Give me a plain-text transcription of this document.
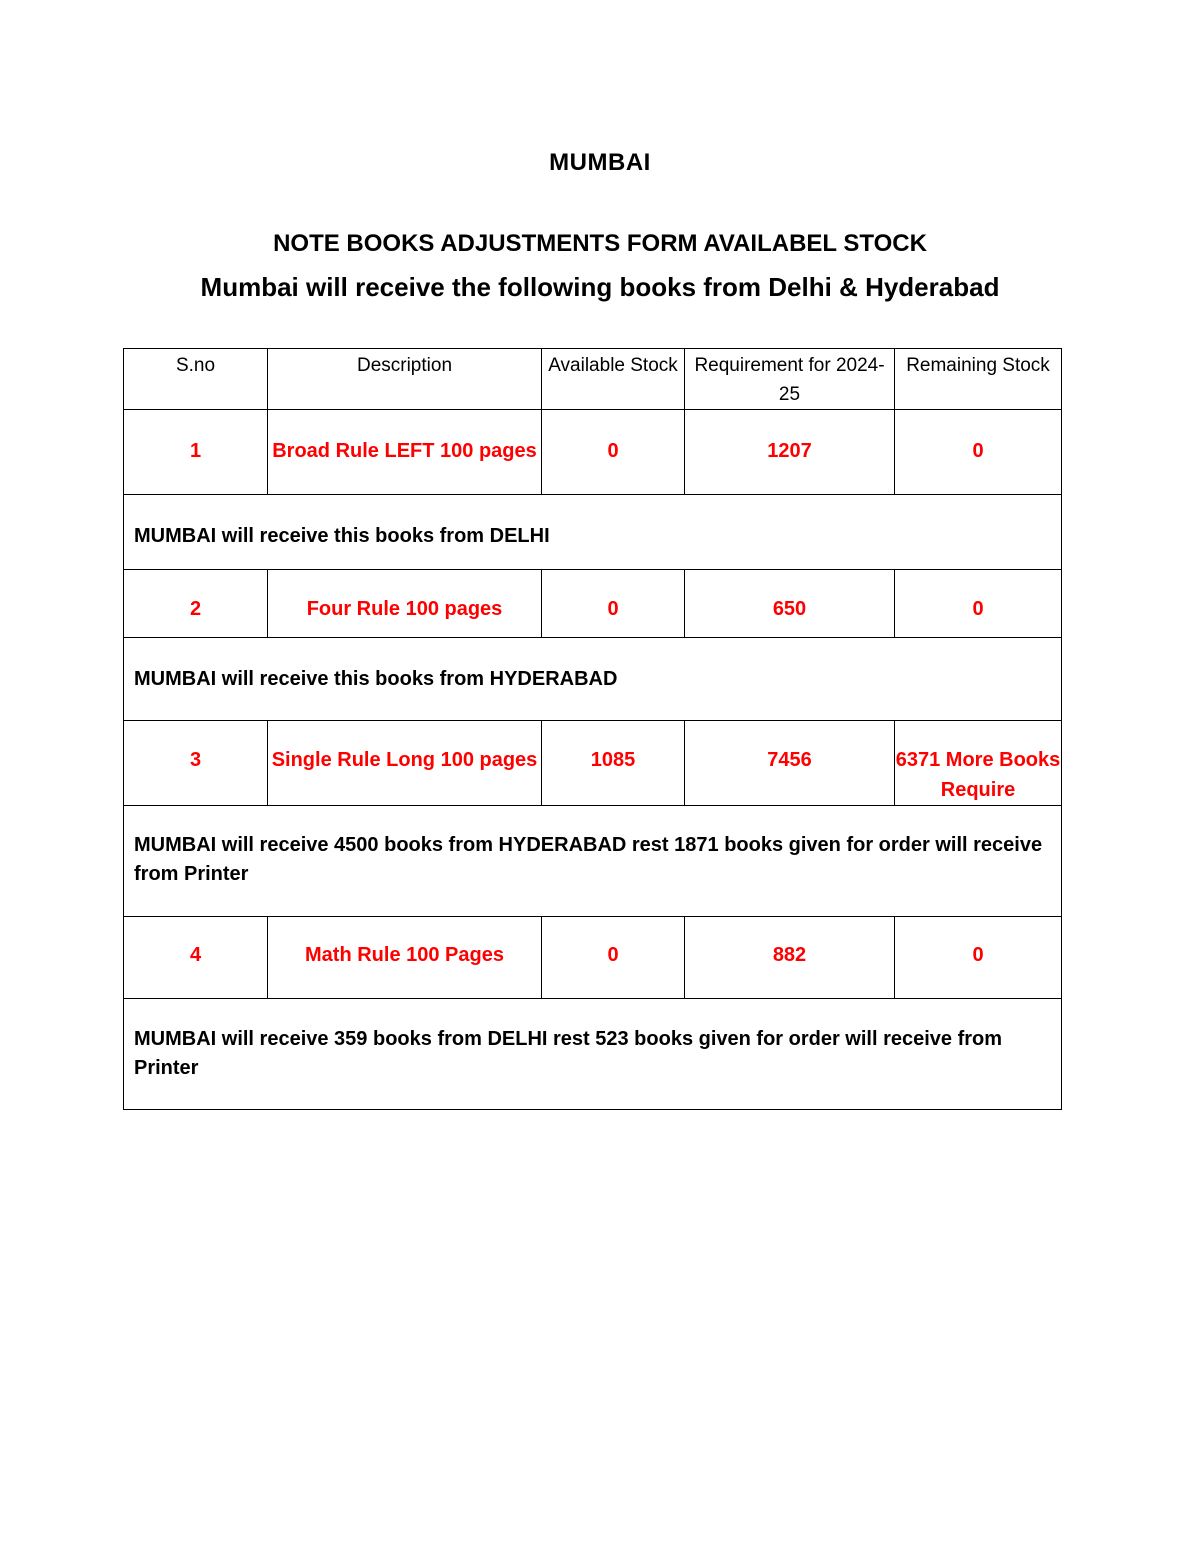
MUMBAI
NOTE BOOKS ADJUSTMENTS FORM AVAILABEL STOCK
Mumbai will receive the following books from Delhi & Hyderabad
S.no	Description	Available Stock	Requirement for 2024-25	Remaining Stock
1	Broad Rule LEFT 100 pages	0	1207	0
MUMBAI will receive this books from DELHI				
2	Four Rule 100 pages	0	650	0
MUMBAI will receive this books from HYDERABAD				
3	Single Rule Long 100 pages	1085	7456	6371 More Books Require
MUMBAI will receive 4500 books from HYDERABAD rest 1871 books given for order will receive from Printer				
4	Math Rule 100 Pages	0	882	0
MUMBAI will receive 359 books from DELHI rest 523 books given for order will receive from Printer				
